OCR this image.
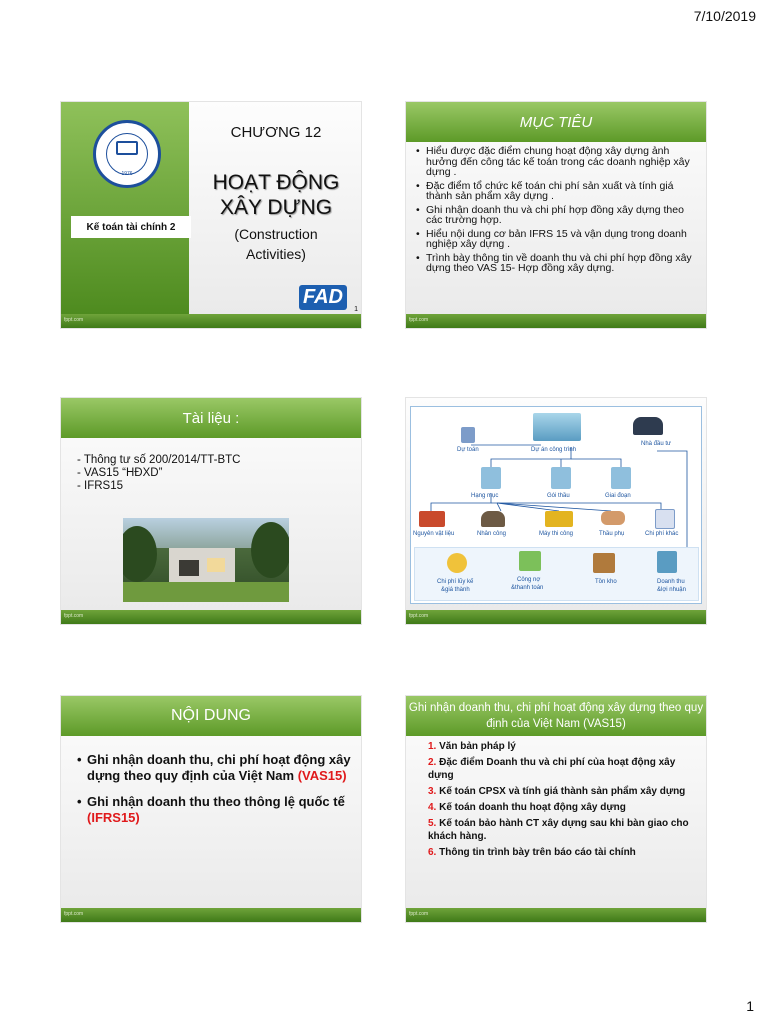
7/10/2019
1976
Kế toán tài chính 2
CHƯƠNG 12
HOẠT ĐỘNG
XÂY DỰNG
(Construction
Activities)
FAD
1
fppt.com
MỤC TIÊU
• Hiểu được đặc điểm chung hoạt động xây dựng ảnh hưởng đến công tác kế toán trong các doanh nghiệp xây dựng .
• Đặc điểm tổ chức kế toán chi phí sản xuất và tính giá thành sản phẩm xây dựng .
• Ghi nhận doanh thu và chi phí hợp đồng xây dựng theo các trường hợp.
• Hiểu nội dung cơ bản IFRS 15 và vận dụng trong doanh nghiệp xây dựng .
• Trình bày thông tin về doanh thu và chi phí hợp đồng xây dựng theo VAS 15- Hợp đồng xây dựng.
fppt.com
Tài liệu :
- Thông tư số 200/2014/TT-BTC
- VAS15 “HĐXD”
- IFRS15
fppt.com
Dự toán	Dự án công trình
Nhà đầu tư
Hạng mục	Gói thầu	Giai đoạn
Nguyên vật liệu	Nhân công	Máy thi công	Thầu phụ	Chi phí khác
Chi phí lũy kế
&giá thành
Công nợ
&thanh toán
Tồn kho	Doanh thu
&lợi nhuận
fppt.com
NỘI DUNG
• Ghi nhận doanh thu, chi phí hoạt động xây dựng theo quy định của Việt Nam (VAS15)
• Ghi nhận doanh thu theo thông lệ quốc tế (IFRS15)
fppt.com
Ghi nhận doanh thu, chi phí hoạt động xây dựng theo quy định của Việt Nam (VAS15)
1. Văn bản pháp lý
2. Đặc điểm Doanh thu và chi phí của hoạt động xây dựng
3. Kế toán CPSX và tính giá thành sản phẩm xây dựng
4. Kế toán doanh thu hoạt động xây dựng
5. Kế toán bảo hành CT xây dựng sau khi bàn giao cho khách hàng.
6. Thông tin trình bày trên báo cáo tài chính
fppt.com
1
